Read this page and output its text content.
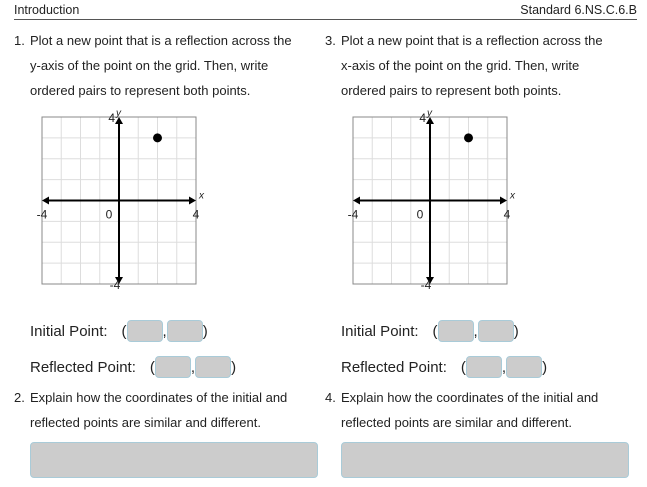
Introduction	Standard 6.NS.C.6.B
1. Plot a new point that is a reflection across the
y-axis of the point on the grid. Then, write
ordered pairs to represent both points.
-4	4
0
4
-4
x
y
Initial Point: ( , )
Reflected Point: ( , )
2. Explain how the coordinates of the initial and
reflected points are similar and different.
3. Plot a new point that is a reflection across the
x-axis of the point on the grid. Then, write
ordered pairs to represent both points.
-4	4
0
4
-4
x
y
Initial Point: ( , )
Reflected Point: ( , )
4. Explain how the coordinates of the initial and
reflected points are similar and different.
